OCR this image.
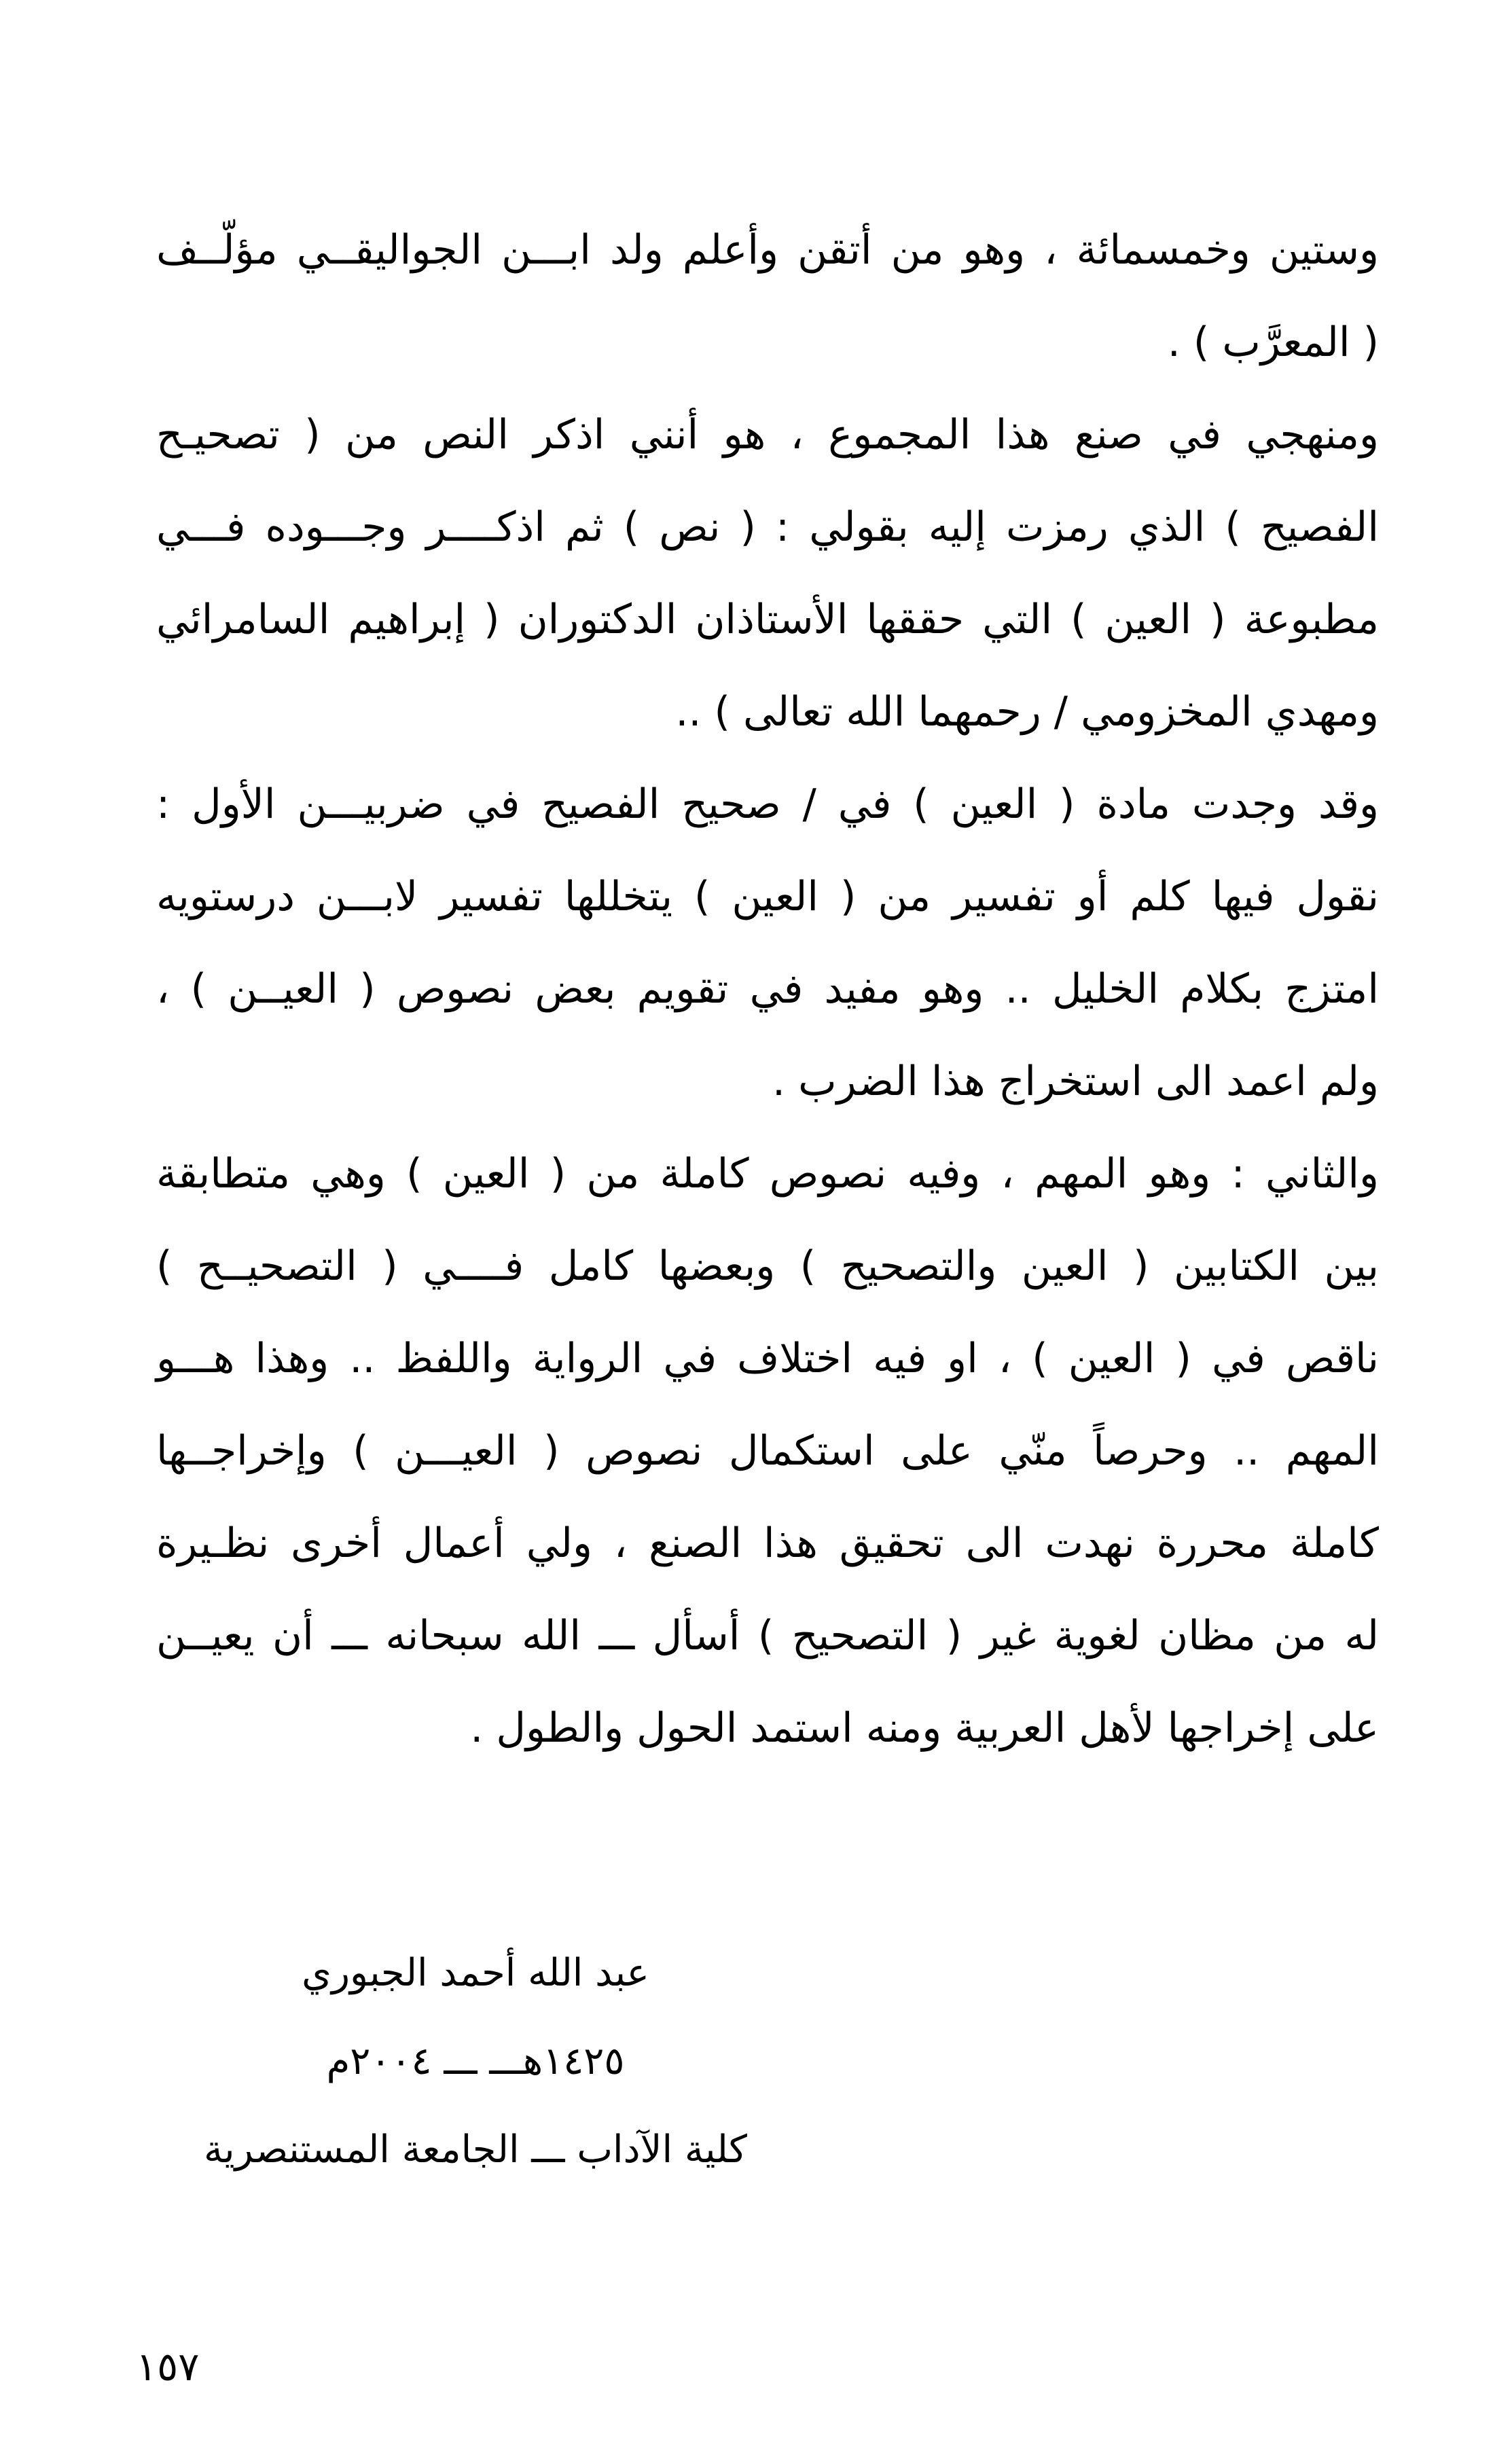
وستين وخمسمائة ، وهو من أتقن وأعلم ولد ابـــن الجواليقــي مؤلّــف
( المعرَّب ) .
ومنهجي في صنع هذا المجموع ، هو أنني اذكر النص من ( تصحيـح
الفصيح ) الذي رمزت إليه بقولي : ( نص ) ثم اذكــــر وجـــوده فـــي
مطبوعة ( العين ) التي حققها الأستاذان الدكتوران ( إبراهيم السامرائي
ومهدي المخزومي / رحمهما الله تعالى ) ..
وقد وجدت مادة ( العين ) في / صحيح الفصيح في ضربيـــن الأول :
نقول فيها كلم أو تفسير من ( العين ) يتخللها تفسير لابـــن درستويه
امتزج بكلام الخليل .. وهو مفيد في تقويم بعض نصوص ( العيــن ) ،
ولم اعمد الى استخراج هذا الضرب .
والثاني : وهو المهم ، وفيه نصوص كاملة من ( العين ) وهي متطابقة
بين الكتابين ( العين والتصحيح ) وبعضها كامل فــــي ( التصحيــح )
ناقص في ( العين ) ، او فيه اختلاف في الرواية واللفظ .. وهذا هـــو
المهم .. وحرصاً منّي على استكمال نصوص ( العيـــن ) وإخراجــها
كاملة محررة نهدت الى تحقيق هذا الصنع ، ولي أعمال أخرى نظـيرة
له من مظان لغوية غير ( التصحيح ) أسأل ـــ الله سبحانه ـــ أن يعيــن
على إخراجها لأهل العربية ومنه استمد الحول والطول .
عبد الله أحمد الجبوري
١٤٢٥هـــ ـــ ٢٠٠٤م
كلية الآداب ـــ الجامعة المستنصرية
١٥٧
